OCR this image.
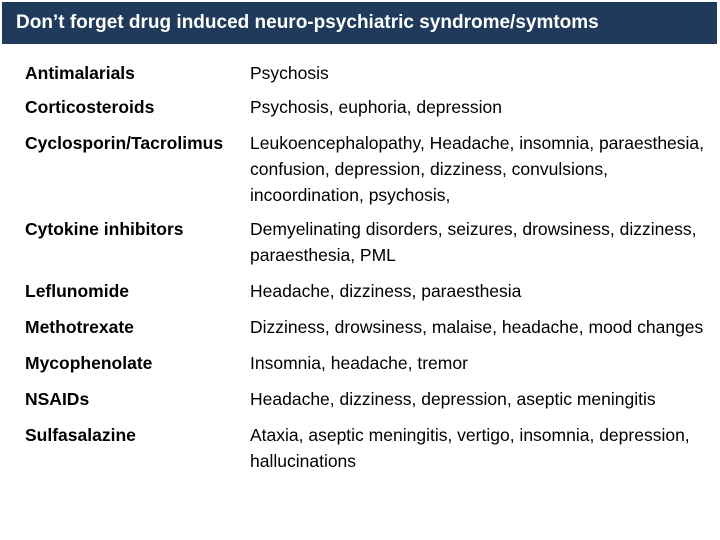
Don’t forget drug induced neuro-psychiatric syndrome/symtoms
Antimalarials	Psychosis
Corticosteroids	Psychosis, euphoria, depression
Cyclosporin/Tacrolimus	Leukoencephalopathy, Headache, insomnia, paraesthesia, confusion, depression, dizziness, convulsions, incoordination, psychosis,
Cytokine inhibitors	Demyelinating disorders, seizures, drowsiness, dizziness, paraesthesia, PML
Leflunomide	Headache, dizziness, paraesthesia
Methotrexate	Dizziness, drowsiness, malaise, headache, mood changes
Mycophenolate	Insomnia, headache, tremor
NSAIDs	Headache, dizziness, depression, aseptic meningitis
Sulfasalazine	Ataxia, aseptic meningitis, vertigo, insomnia, depression, hallucinations
